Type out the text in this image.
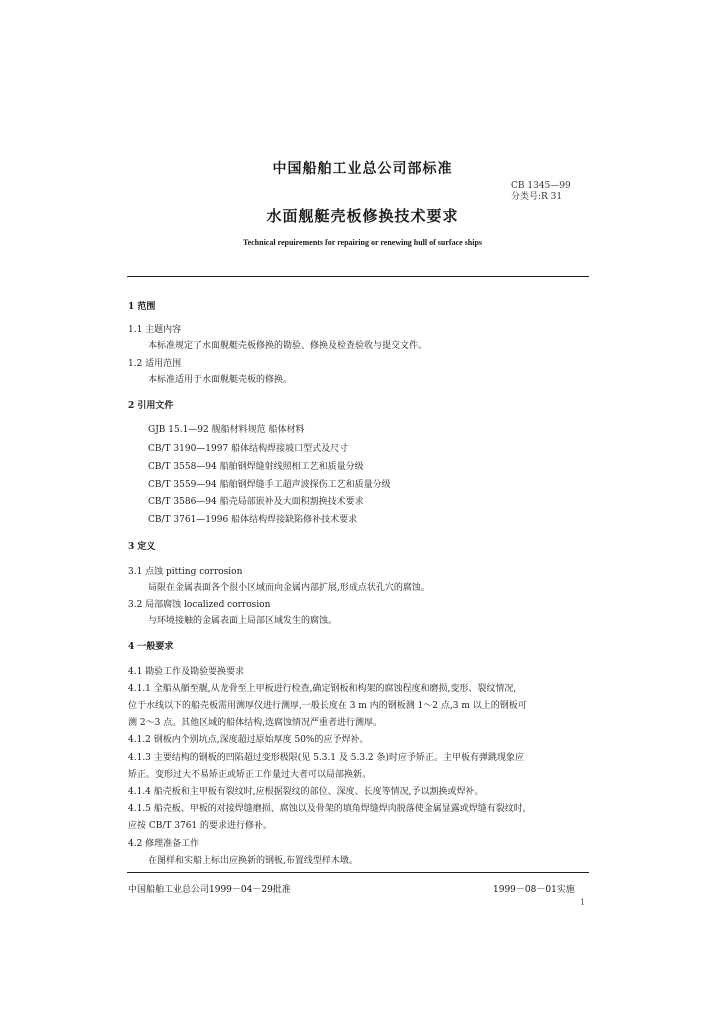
中国船舶工业总公司部标准
CB 1345—99
分类号:R 31
水面舰艇壳板修换技术要求
Technical repuirements for repairing or renewing hull of surface ships
1 范围
1.1 主题内容
本标准规定了水面舰艇壳板修换的勘验、修换及检查验收与提交文件。
1.2 适用范围
本标准适用于水面舰艇壳板的修换。
2 引用文件
GJB 15.1—92 舰船材料规范 船体材料
CB/T 3190—1997 船体结构焊接坡口型式及尺寸
CB/T 3558—94 船舶钢焊缝射线照相工艺和质量分级
CB/T 3559—94 船舶钢焊缝手工超声波探伤工艺和质量分级
CB/T 3586—94 船壳局部嵌补及大面积割换技术要求
CB/T 3761—1996 船体结构焊接缺陷修补技术要求
3 定义
3.1 点蚀 pitting corrosion
局限在金属表面各个很小区域而向金属内部扩展,形成点状孔穴的腐蚀。
3.2 局部腐蚀 localized corrosion
与环境接触的金属表面上局部区域发生的腐蚀。
4 一般要求
4.1 勘验工作及勘验要换要求
4.1.1 全船从艏至艉,从龙骨至上甲板进行检查,确定钢板和构架的腐蚀程度和磨损,变形、裂纹情况,
位于水线以下的船壳板需用测厚仪进行测厚,一般长度在 3 m 内的钢板测 1～2 点,3 m 以上的钢板可
测 2～3 点。其他区域的船体结构,选腐蚀情况严重者进行测厚。
4.1.2 钢板内个别坑点,深度超过原始厚度 50%的应予焊补。
4.1.3 主要结构的钢板的凹陷超过变形极限(见 5.3.1 及 5.3.2 条)时应予矫正。主甲板有弹跳现象应
矫正。变形过大不易矫正或矫正工作量过大者可以局部换新。
4.1.4 船壳板和主甲板有裂纹时,应根据裂纹的部位、深度、长度等情况,予以割换或焊补。
4.1.5 船壳板、甲板的对接焊缝磨损、腐蚀以及骨架的填角焊缝焊肉脱落使金属显露或焊缝有裂纹时,
应按 CB/T 3761 的要求进行修补。
4.2 修理准备工作
在图样和实船上标出应换新的钢板,布置线型样木墩。
中国船舶工业总公司1999－04－29批准	1999－08－01实施
1
